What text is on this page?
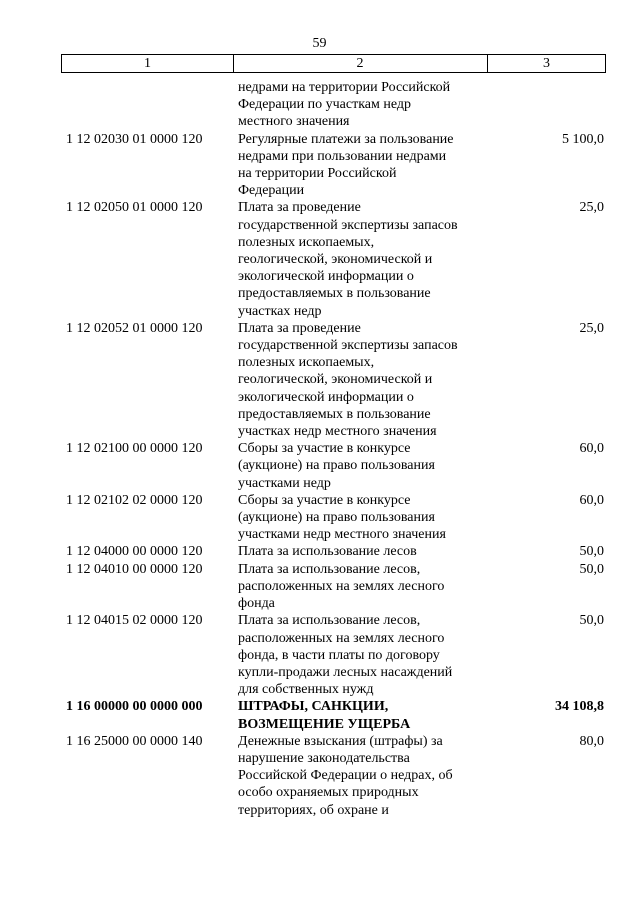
59
1	2	3
недрами на территории Российской
Федерации по участкам недр
местного значения
1 12 02030 01 0000 120	Регулярные платежи за пользование
недрами при пользовании недрами
на территории Российской
Федерации
5 100,0
1 12 02050 01 0000 120	Плата за проведение
государственной экспертизы запасов
полезных ископаемых,
геологической, экономической и
экологической информации о
предоставляемых в пользование
участках недр
25,0
1 12 02052 01 0000 120	Плата за проведение
государственной экспертизы запасов
полезных ископаемых,
геологической, экономической и
экологической информации о
предоставляемых в пользование
участках недр местного значения
25,0
1 12 02100 00 0000 120	Сборы за участие в конкурсе
(аукционе) на право пользования
участками недр
60,0
1 12 02102 02 0000 120	Сборы за участие в конкурсе
(аукционе) на право пользования
участками недр местного значения
60,0
1 12 04000 00 0000 120	Плата за использование лесов	50,0
1 12 04010 00 0000 120	Плата за использование лесов,
расположенных на землях лесного
фонда
50,0
1 12 04015 02 0000 120	Плата за использование лесов,
расположенных на землях лесного
фонда, в части платы по договору
купли-продажи лесных насаждений
для собственных нужд
50,0
1 16 00000 00 0000 000	ШТРАФЫ, САНКЦИИ,
ВОЗМЕЩЕНИЕ УЩЕРБА
34 108,8
1 16 25000 00 0000 140	Денежные взыскания (штрафы) за
нарушение законодательства
Российской Федерации о недрах, об
особо охраняемых природных
территориях, об охране и
80,0
